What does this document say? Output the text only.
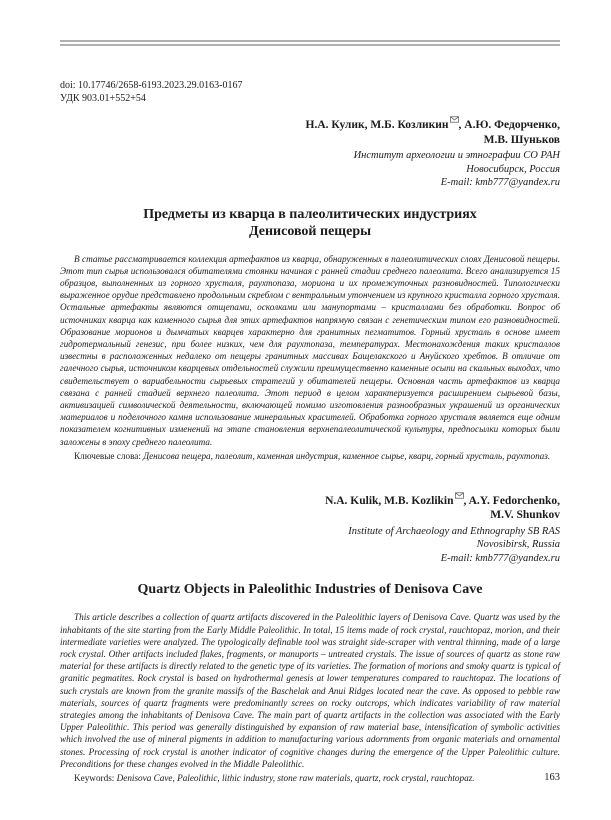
doi: 10.17746/2658-6193.2023.29.0163-0167
УДК 903.01+552+54
Н.А. Кулик, М.Б. Козликин , А.Ю. Федорченко,
М.В. Шуньков
Институт археологии и этнографии СО РАН
Новосибирск, Россия
E-mail: kmb777@yandex.ru
Предметы из кварца в палеолитических индустриях
Денисовой пещеры

В статье рассматривается коллекция артефактов из кварца, обнаруженных в палеолитических слоях Денисовой пещеры. Этот тип сырья использовался обитателями стоянки начиная с ранней стадии среднего палеолита. Всего анализируется 15 образцов, выполненных из горного хрусталя, раухтопаза, мориона и их промежуточных разновидностей. Типологически выраженное орудие представлено продольным скреблом с вентральным утончением из крупного кристалла горного хрусталя. Остальные артефакты являются отщепами, осколками или манупортами – кристаллами без обработки. Вопрос об источниках кварца как каменного сырья для этих артефактов напрямую связан с генетическим типом его разновидностей. Образование морионов и дымчатых кварцев характерно для гранитных пегматитов. Горный хрусталь в основе имеет гидротермальный генезис, при более низких, чем для раухтопаза, температурах. Местонахождения таких кристаллов известны в расположенных недалеко от пещеры гранитных массивах Бащелакского и Ануйского хребтов. В отличие от галечного сырья, источником кварцевых отдельностей служили преимущественно каменные осыпи на скальных выходах, что свидетельствует о вариабельности сырьевых стратегий у обитателей пещеры. Основная часть артефактов из кварца связана с ранней стадией верхнего палеолита. Этот период в целом характеризуется расширением сырьевой базы, активизацией символической деятельности, включающей помимо изготовления разнообразных украшений из органических материалов и поделочного камня использование минеральных красителей. Обработка горного хрусталя является еще одним показателем когнитивных изменений на этапе становления верхнепалеолитической культуры, предпосылки которых были заложены в эпоху среднего палеолита.

Ключевые слова: Денисова пещера, палеолит, каменная индустрия, каменное сырье, кварц, горный хрусталь, раухтопаз.

N.A. Kulik, M.B. Kozlikin , A.Y. Fedorchenko,
M.V. Shunkov
Institute of Archaeology and Ethnography SB RAS
Novosibirsk, Russia
E-mail: kmb777@yandex.ru
Quartz Objects in Paleolithic Industries of Denisova Cave

This article describes a collection of quartz artifacts discovered in the Paleolithic layers of Denisova Cave. Quartz was used by the inhabitants of the site starting from the Early Middle Paleolithic. In total, 15 items made of rock crystal, rauchtopaz, morion, and their intermediate varieties were analyzed. The typologically definable tool was straight side-scraper with ventral thinning, made of a large rock crystal. Other artifacts included flakes, fragments, or manuports – untreated crystals. The issue of sources of quartz as stone raw material for these artifacts is directly related to the genetic type of its varieties. The formation of morions and smoky quartz is typical of granitic pegmatites. Rock crystal is based on hydrothermal genesis at lower temperatures compared to rauchtopaz. The locations of such crystals are known from the granite massifs of the Baschelak and Anui Ridges located near the cave. As opposed to pebble raw materials, sources of quartz fragments were predominantly screes on rocky outcrops, which indicates variability of raw material strategies among the inhabitants of Denisova Cave. The main part of quartz artifacts in the collection was associated with the Early Upper Paleolithic. This period was generally distinguished by expansion of raw material base, intensification of symbolic activities which involved the use of mineral pigments in addition to manufacturing various adornments from organic materials and ornamental stones. Processing of rock crystal is another indicator of cognitive changes during the emergence of the Upper Paleolithic culture. Preconditions for these changes evolved in the Middle Paleolithic.

Keywords: Denisova Cave, Paleolithic, lithic industry, stone raw materials, quartz, rock crystal, rauchtopaz.	163
